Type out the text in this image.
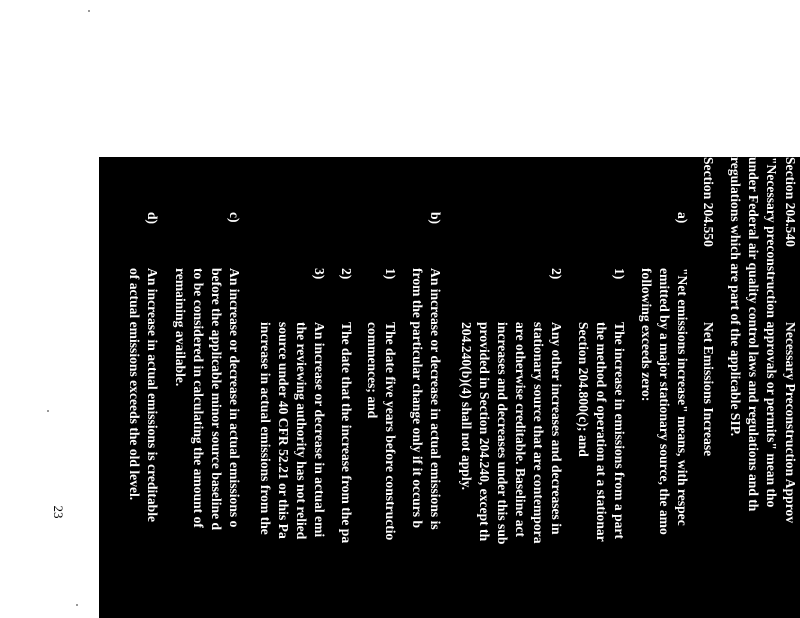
Section 204.540
Necessary Preconstruction Approv
"Necessary preconstruction approvals or permits" mean tho
under Federal air quality control laws and regulations and th
regulations which are part of the applicable SIP.
Section 204.550
Net Emissions Increase
a)
"Net emissions increase" means, with respec
emitted by a major stationary source, the amo
following exceeds zero:
1)
The increase in emissions from a part
the method of operation at a stationar
Section 204.800(c); and
2)
Any other increases and decreases in
stationary source that are contempora
are otherwise creditable. Baseline act
increases and decreases under this sub
provided in Section 204.240, except th
204.240(b)(4) shall not apply.
b)
An increase or decrease in actual emissions is
from the particular change only if it occurs b
1)
The date five years before constructio
commences; and
2)
The date that the increase from the pa
3)
An increase or decrease in actual emi
the reviewing authority has not relied
source under 40 CFR 52.21 or this Pa
increase in actual emissions from the
c)
An increase or decrease in actual emissions o
before the applicable minor source baseline d
to be considered in calculating the amount of
remaining available.
d)
An increase in actual emissions is creditable
of actual emissions exceeds the old level.
23
